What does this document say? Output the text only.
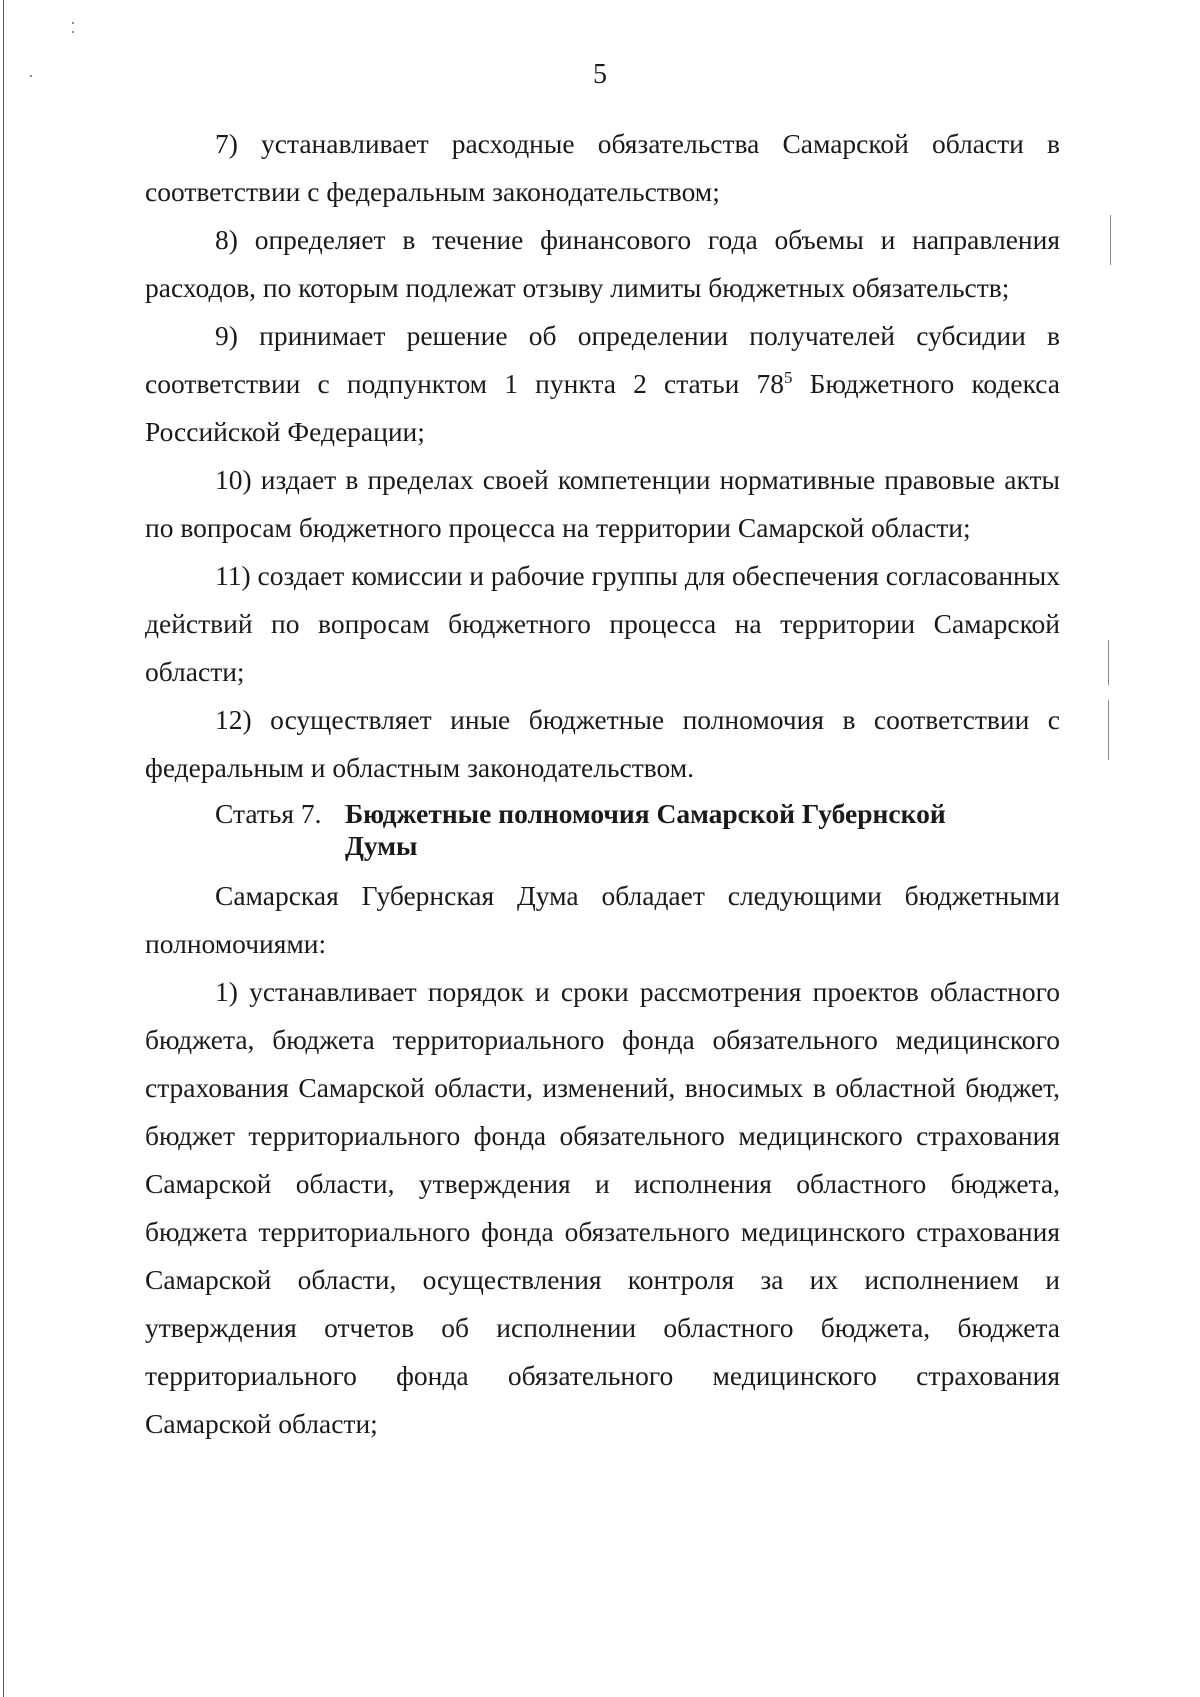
5

7) устанавливает расходные обязательства Самарской области в соответствии с федеральным законодательством;

8) определяет в течение финансового года объемы и направления расходов, по которым подлежат отзыву лимиты бюджетных обязательств;

9) принимает решение об определении получателей субсидии в соответствии с подпунктом 1 пункта 2 статьи $78^5$ Бюджетного кодекса Российской Федерации;

10) издает в пределах своей компетенции нормативные правовые акты по вопросам бюджетного процесса на территории Самарской области;

11) создает комиссии и рабочие группы для обеспечения согласованных действий по вопросам бюджетного процесса на территории Самарской области;

12) осуществляет иные бюджетные полномочия в соответствии с федеральным и областным законодательством.

Статья 7. Бюджетные полномочия Самарской Губернской Думы

Самарская Губернская Дума обладает следующими бюджетными полномочиями:

1) устанавливает порядок и сроки рассмотрения проектов областного бюджета, бюджета территориального фонда обязательного медицинского страхования Самарской области, изменений, вносимых в областной бюджет, бюджет территориального фонда обязательного медицинского страхования Самарской области, утверждения и исполнения областного бюджета, бюджета территориального фонда обязательного медицинского страхования Самарской области, осуществления контроля за их исполнением и утверждения отчетов об исполнении областного бюджета, бюджета территориального фонда обязательного медицинского страхования Самарской области;
